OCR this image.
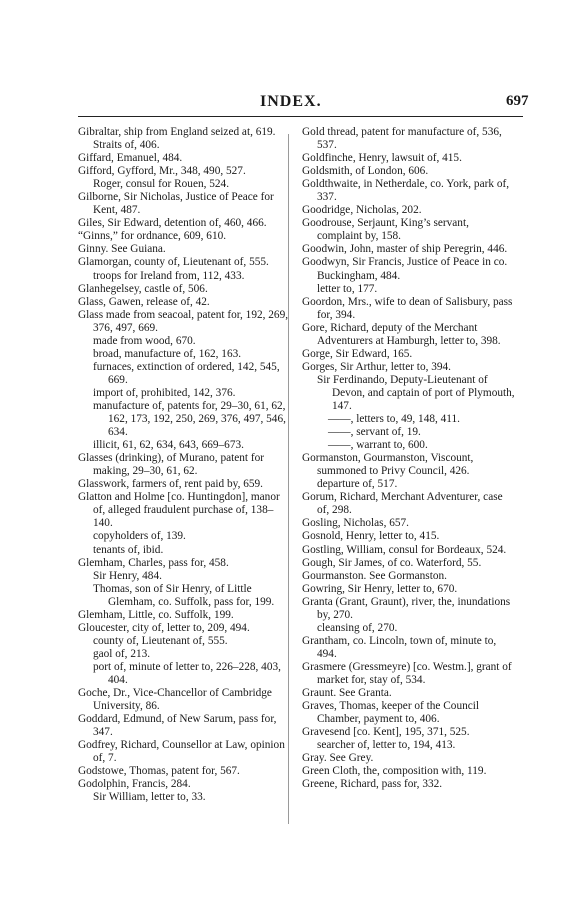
INDEX.	697
Gibraltar, ship from England seized at, 619.
Straits of, 406.
Giffard, Emanuel, 484.
Gifford, Gyfford, Mr., 348, 490, 527.
Roger, consul for Rouen, 524.
Gilborne, Sir Nicholas, Justice of Peace for Kent, 487.
Giles, Sir Edward, detention of, 460, 466.
“Ginns,” for ordnance, 609, 610.
Ginny. See Guiana.
Glamorgan, county of, Lieutenant of, 555.
troops for Ireland from, 112, 433.
Glanhegelsey, castle of, 506.
Glass, Gawen, release of, 42.
Glass made from seacoal, patent for, 192, 269, 376, 497, 669.
made from wood, 670.
broad, manufacture of, 162, 163.
furnaces, extinction of ordered, 142, 545, 669.
import of, prohibited, 142, 376.
manufacture of, patents for, 29–30, 61, 62, 162, 173, 192, 250, 269, 376, 497, 546, 634.
illicit, 61, 62, 634, 643, 669–673.
Glasses (drinking), of Murano, patent for making, 29–30, 61, 62.
Glasswork, farmers of, rent paid by, 659.
Glatton and Holme [co. Huntingdon], manor of, alleged fraudulent purchase of, 138–140.
copyholders of, 139.
tenants of, ibid.
Glemham, Charles, pass for, 458.
Sir Henry, 484.
Thomas, son of Sir Henry, of Little Glemham, co. Suffolk, pass for, 199.
Glemham, Little, co. Suffolk, 199.
Gloucester, city of, letter to, 209, 494.
county of, Lieutenant of, 555.
gaol of, 213.
port of, minute of letter to, 226–228, 403, 404.
Goche, Dr., Vice-Chancellor of Cambridge University, 86.
Goddard, Edmund, of New Sarum, pass for, 347.
Godfrey, Richard, Counsellor at Law, opinion of, 7.
Godstowe, Thomas, patent for, 567.
Godolphin, Francis, 284.
Sir William, letter to, 33.
Gold thread, patent for manufacture of, 536, 537.
Goldfinche, Henry, lawsuit of, 415.
Goldsmith, of London, 606.
Goldthwaite, in Netherdale, co. York, park of, 337.
Goodridge, Nicholas, 202.
Goodrouse, Serjaunt, King’s servant, complaint by, 158.
Goodwin, John, master of ship Peregrin, 446.
Goodwyn, Sir Francis, Justice of Peace in co. Buckingham, 484.
letter to, 177.
Goordon, Mrs., wife to dean of Salisbury, pass for, 394.
Gore, Richard, deputy of the Merchant Adventurers at Hamburgh, letter to, 398.
Gorge, Sir Edward, 165.
Gorges, Sir Arthur, letter to, 394.
Sir Ferdinando, Deputy-Lieutenant of Devon, and captain of port of Plymouth, 147.
——, letters to, 49, 148, 411.
——, servant of, 19.
——, warrant to, 600.
Gormanston, Gourmanston, Viscount, summoned to Privy Council, 426.
departure of, 517.
Gorum, Richard, Merchant Adventurer, case of, 298.
Gosling, Nicholas, 657.
Gosnold, Henry, letter to, 415.
Gostling, William, consul for Bordeaux, 524.
Gough, Sir James, of co. Waterford, 55.
Gourmanston. See Gormanston.
Gowring, Sir Henry, letter to, 670.
Granta (Grant, Graunt), river, the, inundations by, 270.
cleansing of, 270.
Grantham, co. Lincoln, town of, minute to, 494.
Grasmere (Gressmeyre) [co. Westm.], grant of market for, stay of, 534.
Graunt. See Granta.
Graves, Thomas, keeper of the Council Chamber, payment to, 406.
Gravesend [co. Kent], 195, 371, 525.
searcher of, letter to, 194, 413.
Gray. See Grey.
Green Cloth, the, composition with, 119.
Greene, Richard, pass for, 332.
